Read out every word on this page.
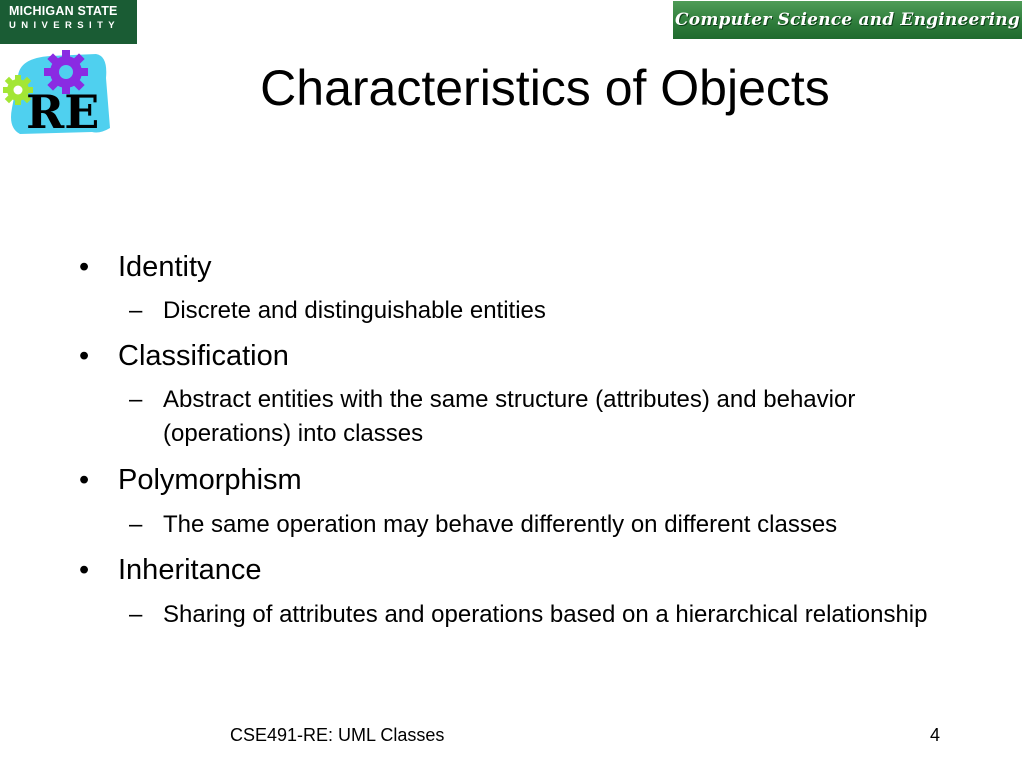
MICHIGAN STATE
UNIVERSITY	Computer Science and Engineering
RE	Characteristics of Objects
• Identity
– Discrete and distinguishable entities
• Classification
– Abstract entities with the same structure (attributes) and behavior (operations) into classes
• Polymorphism
– The same operation may behave differently on different classes
• Inheritance
– Sharing of attributes and operations based on a hierarchical relationship
CSE491-RE: UML Classes	4
